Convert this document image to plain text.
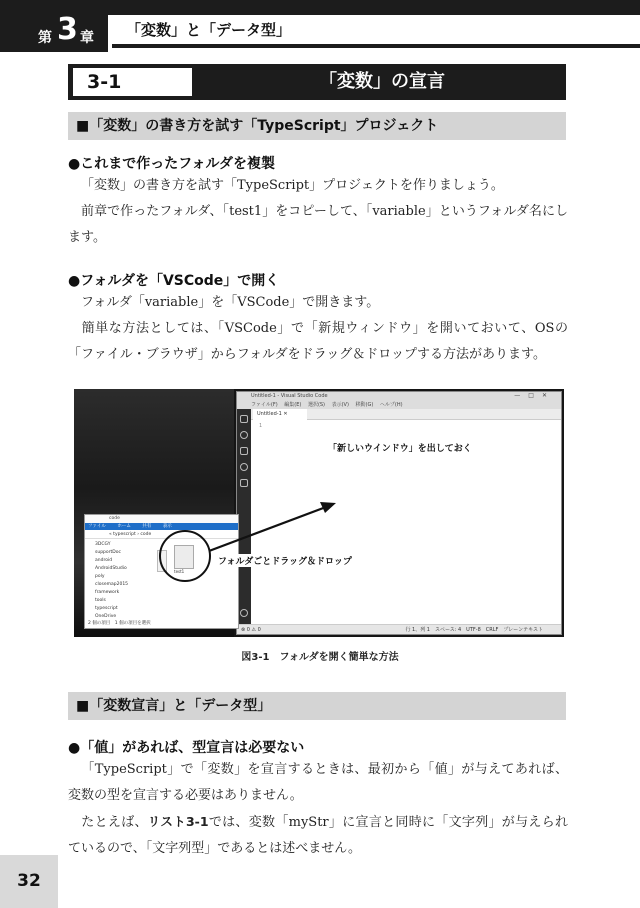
第 3 章 「変数」と「データ型」
3-1	「変数」の宣言
■「変数」の書き方を試す「TypeScript」プロジェクト
●これまで作ったフォルダを複製
「変数」の書き方を試す「TypeScript」プロジェクトを作りましょう。
前章で作ったフォルダ、「test1」をコピーして、「variable」というフォルダ名にします。
●フォルダを「VSCode」で開く
フォルダ「variable」を「VSCode」で開きます。
簡単な方法としては、「VSCode」で「新規ウィンドウ」を開いておいて、OSの「ファイル・ブラウザ」からフォルダをドラッグ＆ドロップする方法があります。
Untitled-1 - Visual Studio Code	—□✕
ファイル(F) 編集(E) 選択(S) 表示(V) 移動(G) ヘルプ(H)
Untitled-1 ✕
1
⊗ 0 ⚠ 0	行 1、列 1　スペース: 4　UTF-8　CRLF　プレーンテキスト
code
ファイル	ホーム	共有	表示
« typescript › code
3DCGY
supportDoc
android
AndroidStudio
poly
closemap2015
framework
tools
typescript
OneDrive
test1
2 個の項目　1 個の項目を選択
「新しいウインドウ」を出しておく
フォルダごとドラッグ＆ドロップ
図3-1　フォルダを開く簡単な方法
■「変数宣言」と「データ型」
●「値」があれば、型宣言は必要ない
「TypeScript」で「変数」を宣言するときは、最初から「値」が与えてあれば、変数の型を宣言する必要はありません。
たとえば、リスト3-1では、変数「myStr」に宣言と同時に「文字列」が与えられているので、「文字列型」であるとは述べません。
32
